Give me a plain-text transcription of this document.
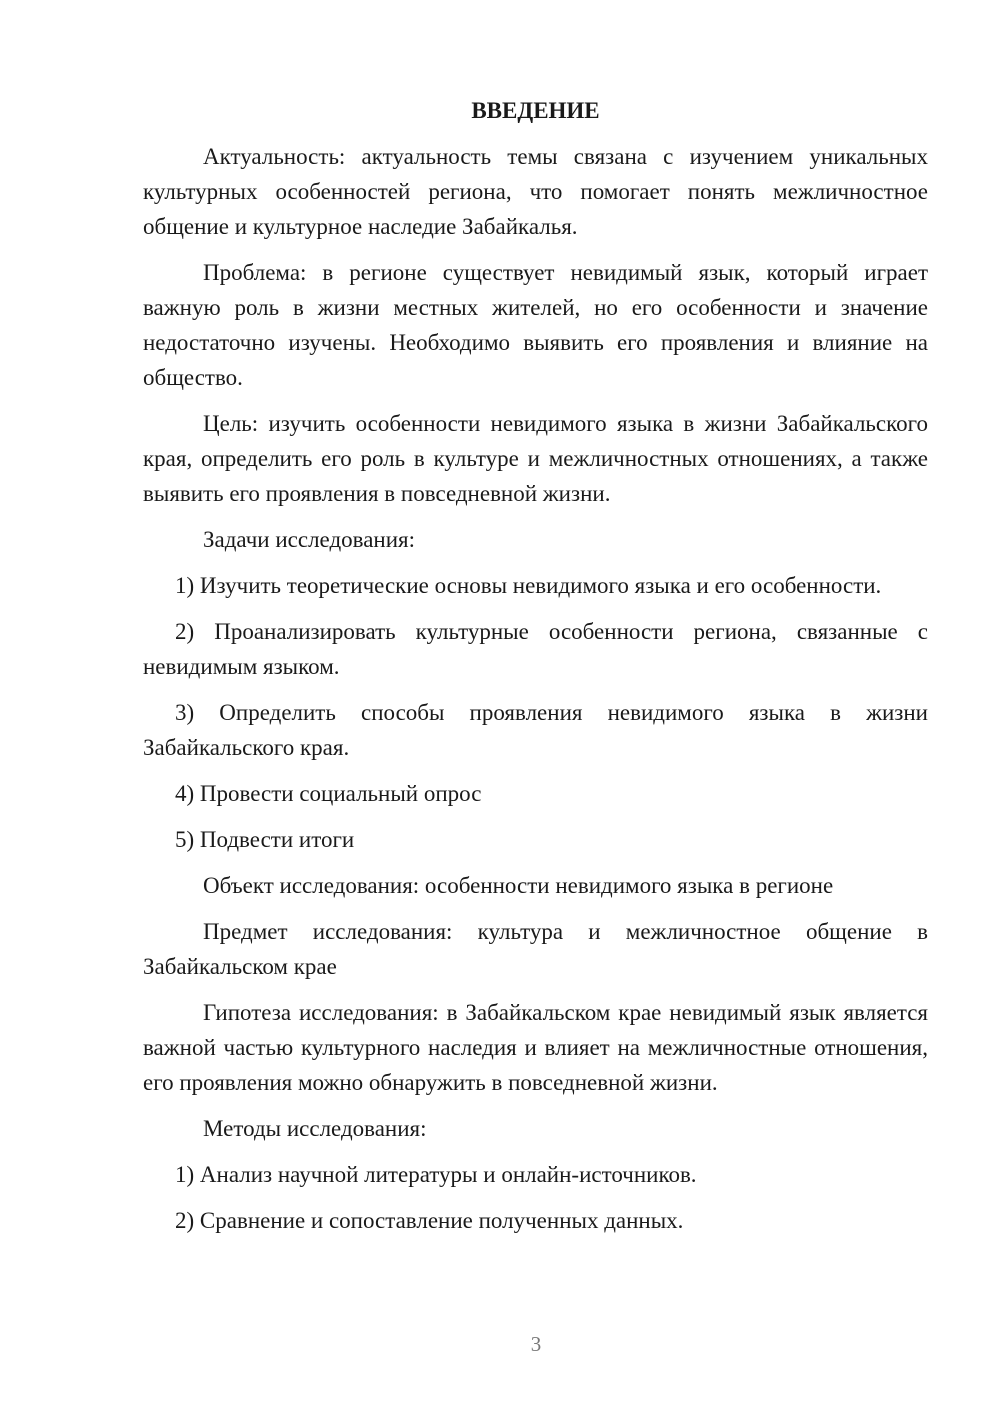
ВВЕДЕНИЕ

Актуальность: актуальность темы связана с изучением уникальных культурных особенностей региона, что помогает понять межличностное общение и культурное наследие Забайкалья.

Проблема: в регионе существует невидимый язык, который играет важную роль в жизни местных жителей, но его особенности и значение недостаточно изучены. Необходимо выявить его проявления и влияние на общество.

Цель: изучить особенности невидимого языка в жизни Забайкальского края, определить его роль в культуре и межличностных отношениях, а также выявить его проявления в повседневной жизни.

Задачи исследования:

1) Изучить теоретические основы невидимого языка и его особенности.

2) Проанализировать культурные особенности региона, связанные с невидимым языком.

3) Определить способы проявления невидимого языка в жизни Забайкальского края.

4) Провести социальный опрос

5) Подвести итоги

Объект исследования: особенности невидимого языка в регионе

Предмет исследования: культура и межличностное общение в Забайкальском крае

Гипотеза исследования: в Забайкальском крае невидимый язык является важной частью культурного наследия и влияет на межличностные отношения, его проявления можно обнаружить в повседневной жизни.

Методы исследования:

1) Анализ научной литературы и онлайн-источников.

2) Сравнение и сопоставление полученных данных.

3
